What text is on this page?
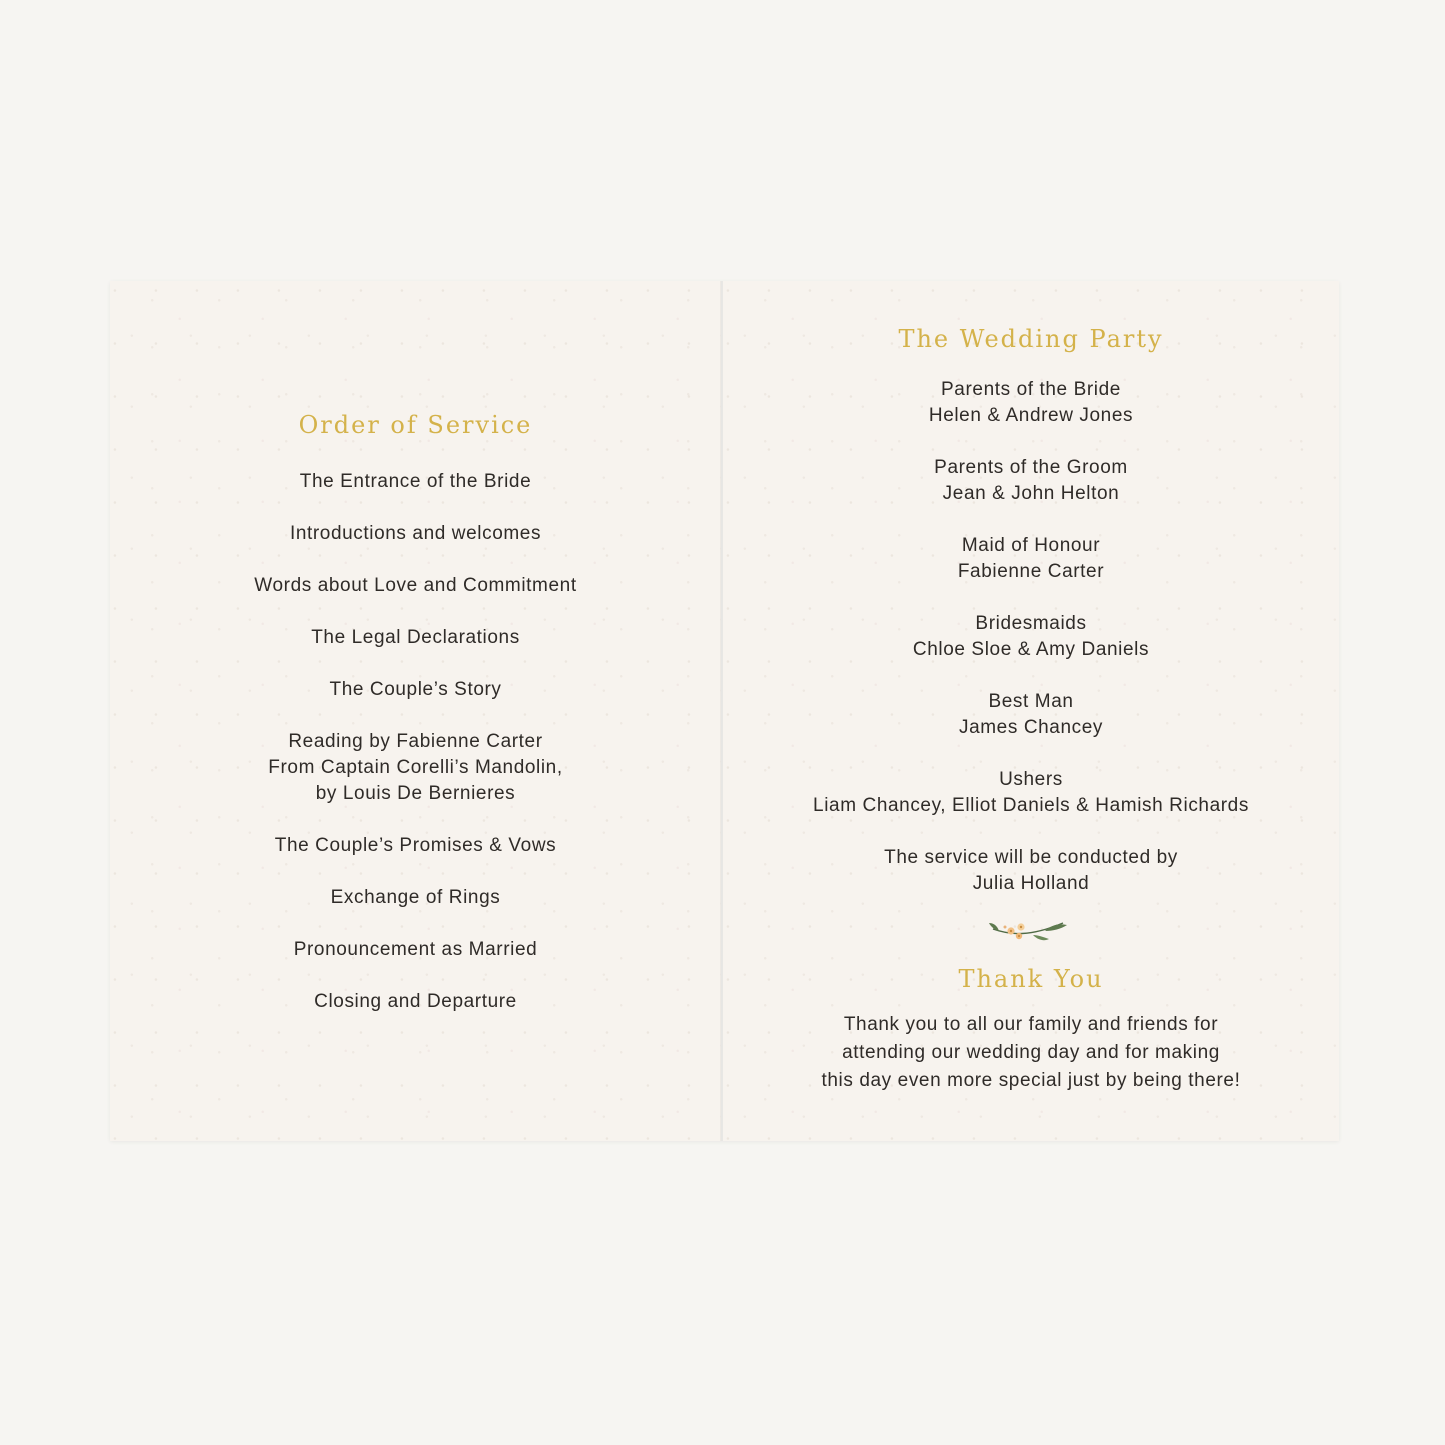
Order of Service
The Entrance of the Bride
Introductions and welcomes
Words about Love and Commitment
The Legal Declarations
The Couple’s Story
Reading by Fabienne Carter
From Captain Corelli’s Mandolin,
by Louis De Bernieres
The Couple’s Promises & Vows
Exchange of Rings
Pronouncement as Married
Closing and Departure
The Wedding Party
Parents of the Bride
Helen & Andrew Jones
Parents of the Groom
Jean & John Helton
Maid of Honour
Fabienne Carter
Bridesmaids
Chloe Sloe & Amy Daniels
Best Man
James Chancey
Ushers
Liam Chancey, Elliot Daniels & Hamish Richards
The service will be conducted by
Julia Holland
Thank You
Thank you to all our family and friends for
attending our wedding day and for making
this day even more special just by being there!
